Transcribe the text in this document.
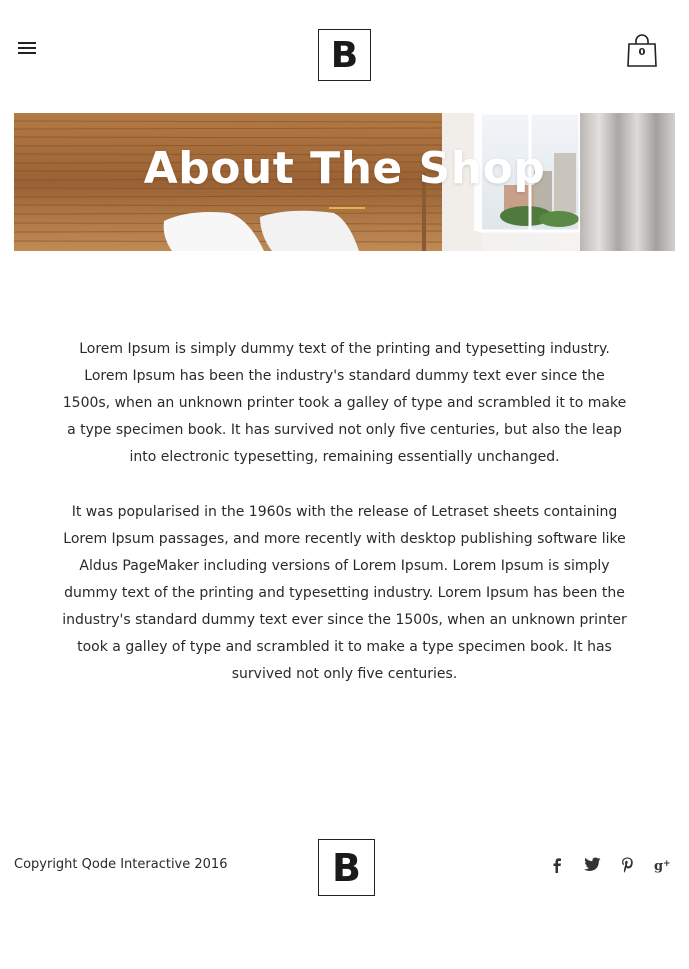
B	0
About The Shop

Lorem Ipsum is simply dummy text of the printing and typesetting industry. Lorem Ipsum has been the industry's standard dummy text ever since the 1500s, when an unknown printer took a galley of type and scrambled it to make a type specimen book. It has survived not only five centuries, but also the leap into electronic typesetting, remaining essentially unchanged.

It was popularised in the 1960s with the release of Letraset sheets containing Lorem Ipsum passages, and more recently with desktop publishing software like Aldus PageMaker including versions of Lorem Ipsum. Lorem Ipsum is simply dummy text of the printing and typesetting industry. Lorem Ipsum has been the industry's standard dummy text ever since the 1500s, when an unknown printer took a galley of type and scrambled it to make a type specimen book. It has survived not only five centuries.

Copyright Qode Interactive 2016	B	g +
